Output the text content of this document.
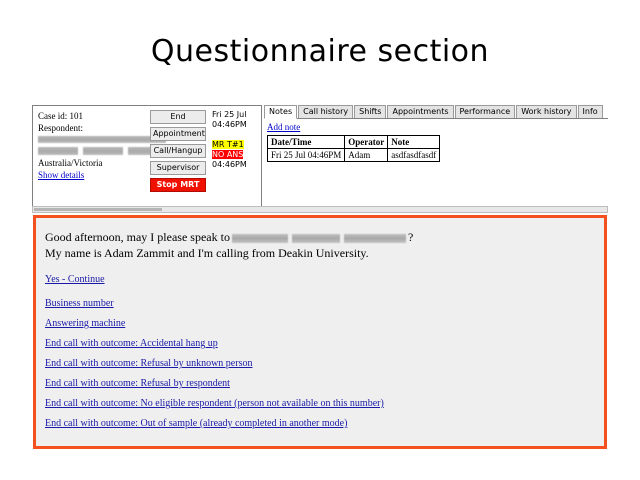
Questionnaire section
Case id: 101
Respondent:
Australia/Victoria
Show details
End
Appointment
Call/Hangup
Supervisor
Stop MRT
Fri 25 Jul
04:46PM
MR T#1
NO ANS
04:46PM
Notes	Call history	Shifts	Appointments	Performance	Work history	Info
Add note
Date/Time	Operator	Note
Fri 25 Jul 04:46PM	Adam	asdfasdfasdf
Good afternoon, may I please speak to	?
My name is Adam Zammit and I'm calling from Deakin University.
Yes - Continue
Business number
Answering machine
End call with outcome: Accidental hang up
End call with outcome: Refusal by unknown person
End call with outcome: Refusal by respondent
End call with outcome: No eligible respondent (person not available on this number)
End call with outcome: Out of sample (already completed in another mode)
